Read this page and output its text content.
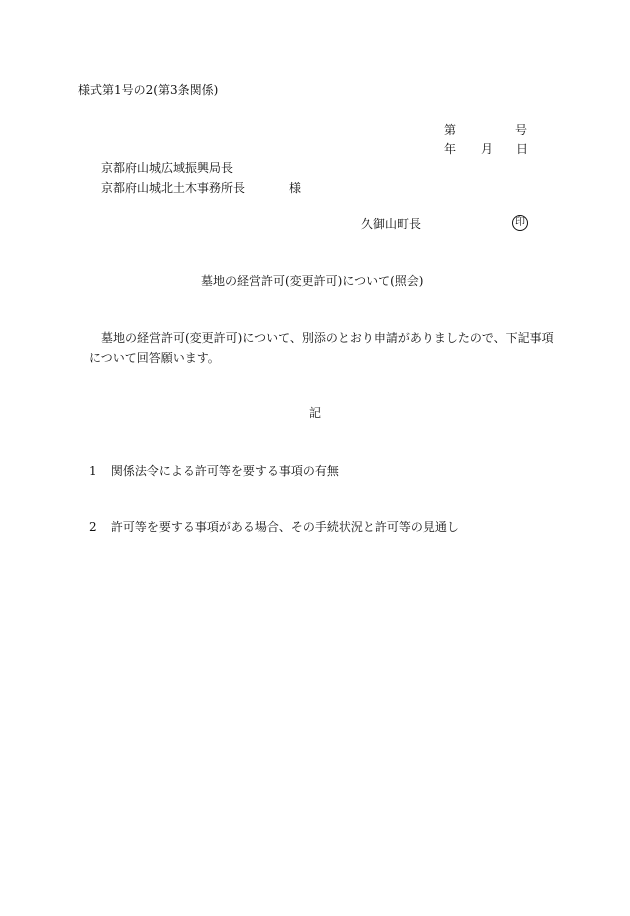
様式第1号の2(第3条関係)
第	号
年 月 日
京都府山城広域振興局長
京都府山城北土木事務所長	様
久御山町長	印
墓地の経営許可(変更許可)について(照会)
墓地の経営許可(変更許可)について、別添のとおり申請がありましたので、下記事項
について回答願います。
記
1 関係法令による許可等を要する事項の有無
2 許可等を要する事項がある場合、その手続状況と許可等の見通し
